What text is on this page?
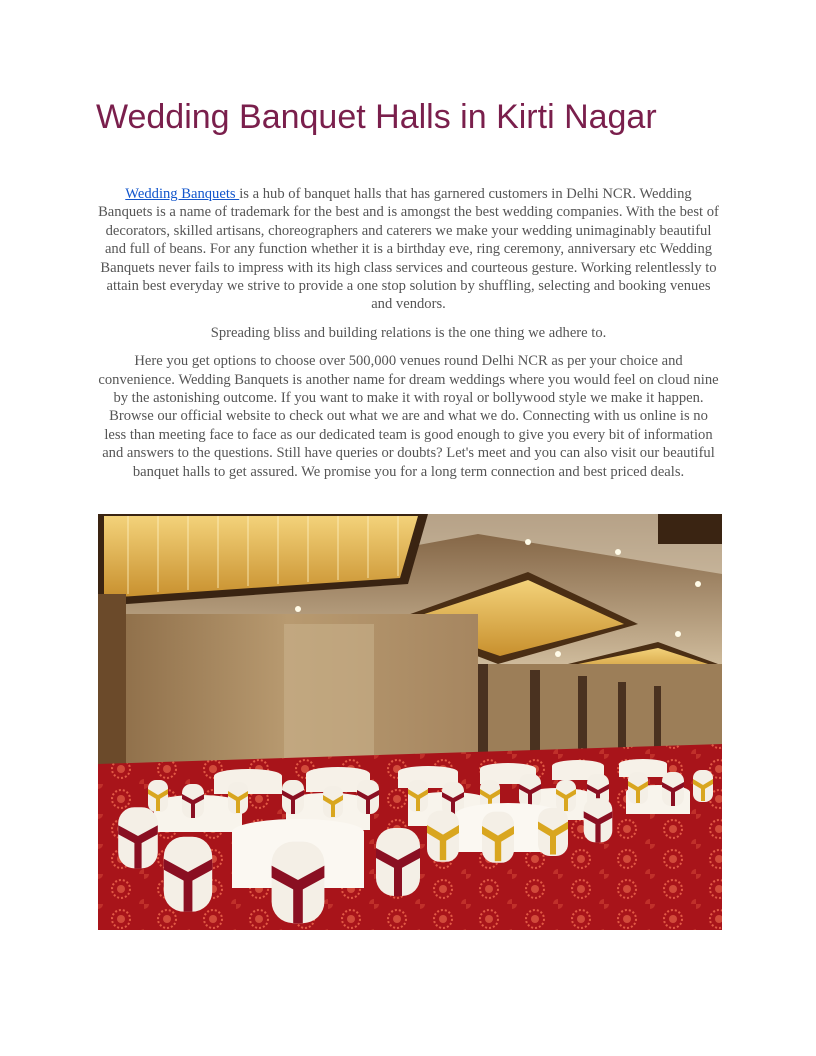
Wedding Banquet Halls in Kirti Nagar

Wedding Banquets is a hub of banquet halls that has garnered customers in Delhi NCR. Wedding Banquets is a name of trademark for the best and is amongst the best wedding companies. With the best of decorators, skilled artisans, choreographers and caterers we make your wedding unimaginably beautiful and full of beans. For any function whether it is a birthday eve, ring ceremony, anniversary etc Wedding Banquets never fails to impress with its high class services and courteous gesture. Working relentlessly to attain best everyday we strive to provide a one stop solution by shuffling, selecting and booking venues and vendors.

Spreading bliss and building relations is the one thing we adhere to.

Here you get options to choose over 500,000 venues round Delhi NCR as per your choice and convenience. Wedding Banquets is another name for dream weddings where you would feel on cloud nine by the astonishing outcome. If you want to make it with royal or bollywood style we make it happen. Browse our official website to check out what we are and what we do. Connecting with us online is no less than meeting face to face as our dedicated team is good enough to give you every bit of information and answers to the questions. Still have queries or doubts? Let's meet and you can also visit our beautiful banquet halls to get assured. We promise you for a long term connection and best priced deals.
